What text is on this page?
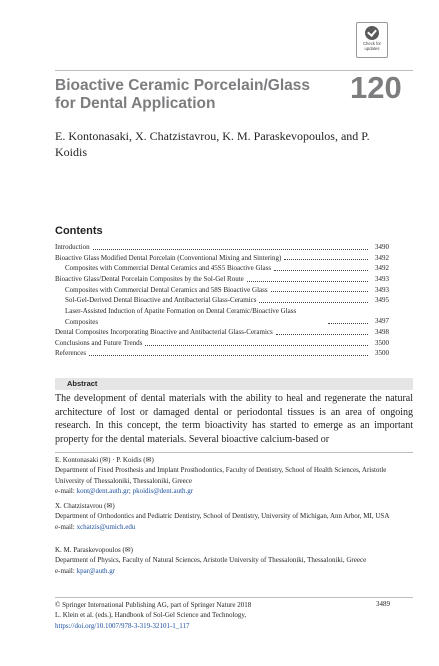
Check for
updates
Bioactive Ceramic Porcelain/Glass for Dental Application	120
E. Kontonasaki, X. Chatzistavrou, K. M. Paraskevopoulos, and P. Koidis
Contents
Introduction	3490
Bioactive Glass Modified Dental Porcelain (Conventional Mixing and Sintering)	3492
Composites with Commercial Dental Ceramics and 45S5 Bioactive Glass	3492
Bioactive Glass/Dental Porcelain Composites by the Sol-Gel Route	3493
Composites with Commercial Dental Ceramics and 58S Bioactive Glass	3493
Sol-Gel-Derived Dental Bioactive and Antibacterial Glass-Ceramics	3495
Laser-Assisted Induction of Apatite Formation on Dental Ceramic/Bioactive Glass Composites	3497
Dental Composites Incorporating Bioactive and Antibacterial Glass-Ceramics	3498
Conclusions and Future Trends	3500
References	3500
Abstract
The development of dental materials with the ability to heal and regenerate the natural architecture of lost or damaged dental or periodontal tissues is an area of ongoing research. In this concept, the term bioactivity has started to emerge as an important property for the dental materials. Several bioactive calcium-based or
E. Kontonasaki (✉) · P. Koidis (✉)
Department of Fixed Prosthesis and Implant Prosthodontics, Faculty of Dentistry, School of Health Sciences, Aristotle University of Thessaloniki, Thessaloniki, Greece
e-mail: kont@dent.auth.gr; pkoidis@dent.auth.gr
X. Chatzistavrou (✉)
Department of Orthodontics and Pediatric Dentistry, School of Dentistry, University of Michigan, Ann Arbor, MI, USA
e-mail: xchatzis@umich.edu
K. M. Paraskevopoulos (✉)
Department of Physics, Faculty of Natural Sciences, Aristotle University of Thessaloniki, Thessaloniki, Greece
e-mail: kpar@auth.gr
© Springer International Publishing AG, part of Springer Nature 2018
L. Klein et al. (eds.), Handbook of Sol-Gel Science and Technology,
https://doi.org/10.1007/978-3-319-32101-1_117
3489
